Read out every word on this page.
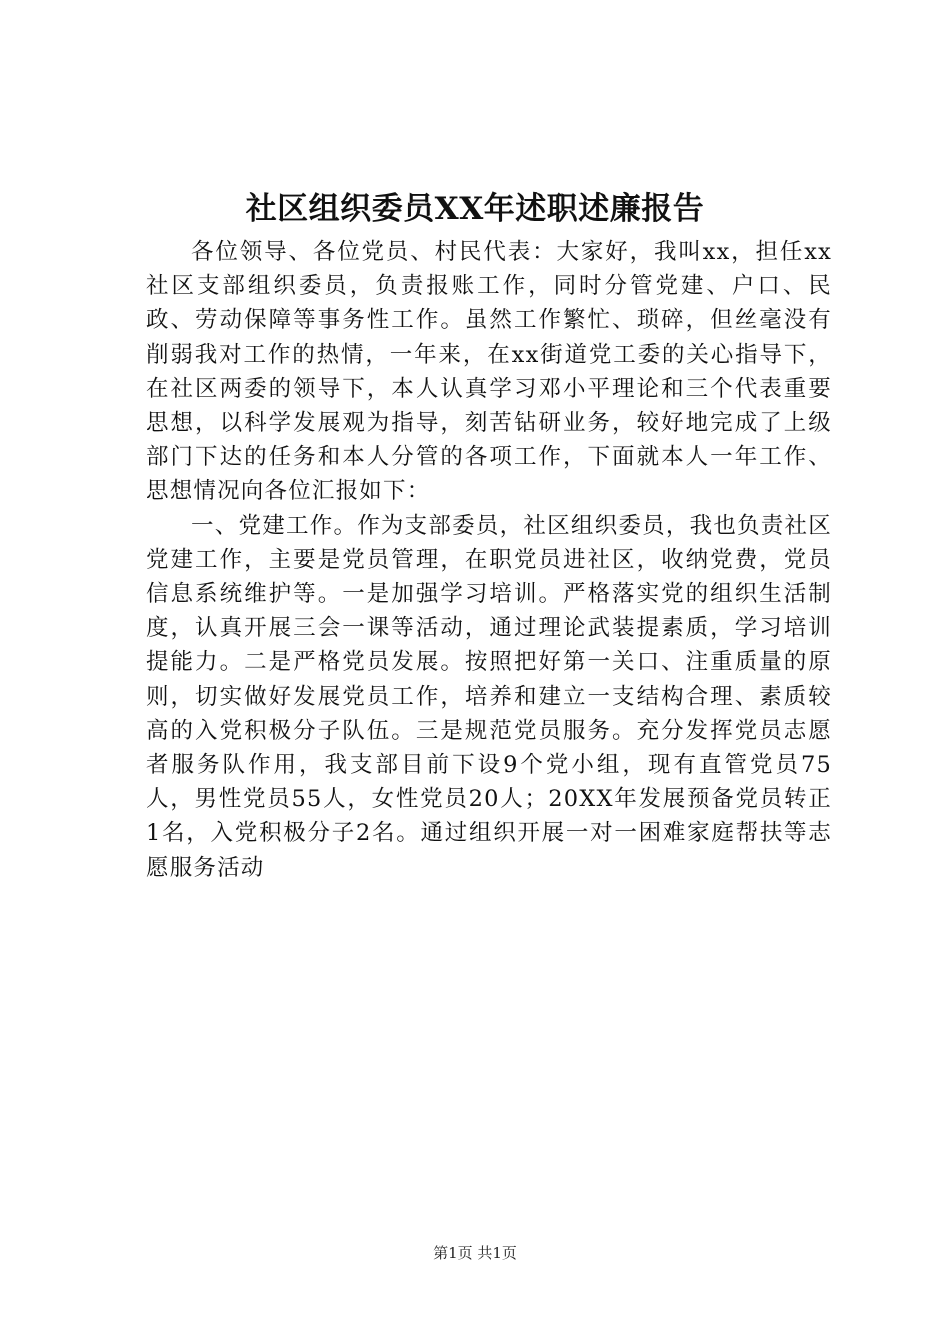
社区组织委员XX年述职述廉报告

各位领导、各位党员、村民代表：大家好，我叫xx，担任xx社区支部组织委员，负责报账工作，同时分管党建、户口、民政、劳动保障等事务性工作。虽然工作繁忙、琐碎，但丝毫没有削弱我对工作的热情，一年来，在xx街道党工委的关心指导下，在社区两委的领导下，本人认真学习邓小平理论和三个代表重要思想，以科学发展观为指导，刻苦钻研业务，较好地完成了上级部门下达的任务和本人分管的各项工作，下面就本人一年工作、思想情况向各位汇报如下：

一、党建工作。作为支部委员，社区组织委员，我也负责社区党建工作，主要是党员管理，在职党员进社区，收纳党费，党员信息系统维护等。一是加强学习培训。严格落实党的组织生活制度，认真开展三会一课等活动，通过理论武装提素质，学习培训提能力。二是严格党员发展。按照把好第一关口、注重质量的原则，切实做好发展党员工作，培养和建立一支结构合理、素质较高的入党积极分子队伍。三是规范党员服务。充分发挥党员志愿者服务队作用，我支部目前下设9个党小组，现有直管党员75人，男性党员55人，女性党员20人；20XX年发展预备党员转正1名，入党积极分子2名。通过组织开展一对一困难家庭帮扶等志愿服务活动

第1页 共1页
